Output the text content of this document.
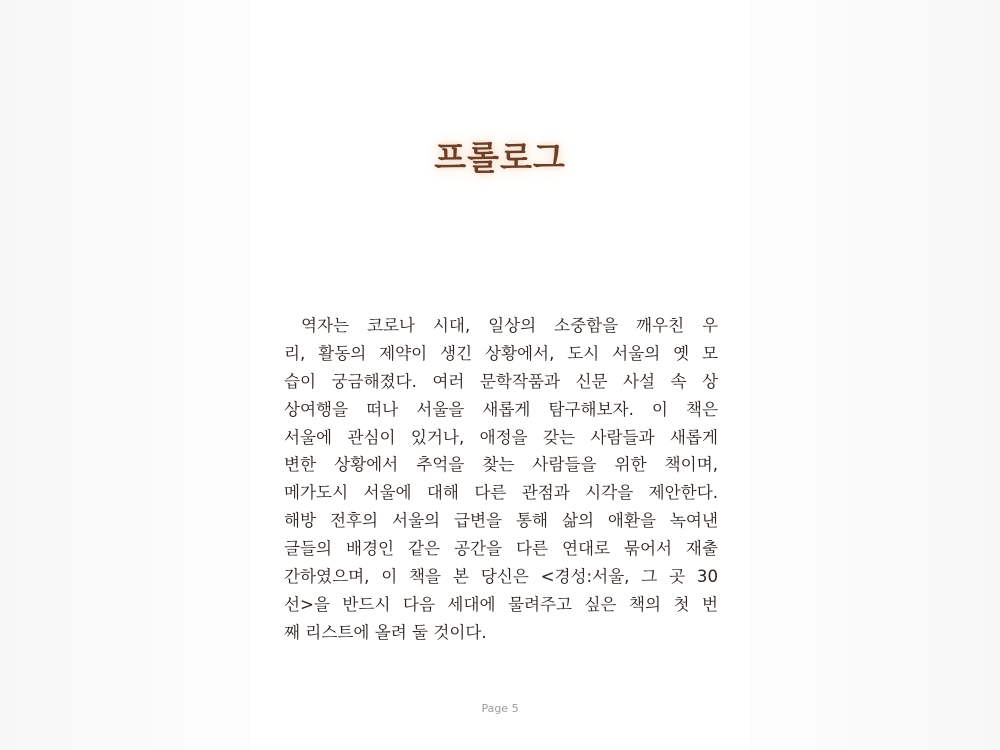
프롤로그
역자는 코로나 시대, 일상의 소중함을 깨우친 우
리, 활동의 제약이 생긴 상황에서, 도시 서울의 옛 모
습이 궁금해졌다. 여러 문학작품과 신문 사설 속 상
상여행을 떠나 서울을 새롭게 탐구해보자. 이 책은
서울에 관심이 있거나, 애정을 갖는 사람들과 새롭게
변한 상황에서 추억을 찾는 사람들을 위한 책이며,
메가도시 서울에 대해 다른 관점과 시각을 제안한다.
해방 전후의 서울의 급변을 통해 삶의 애환을 녹여낸
글들의 배경인 같은 공간을 다른 연대로 묶어서 재출
간하였으며, 이 책을 본 당신은 <경성:서울, 그 곳 30
선>을 반드시 다음 세대에 물려주고 싶은 책의 첫 번
째 리스트에 올려 둘 것이다.
Page 5
